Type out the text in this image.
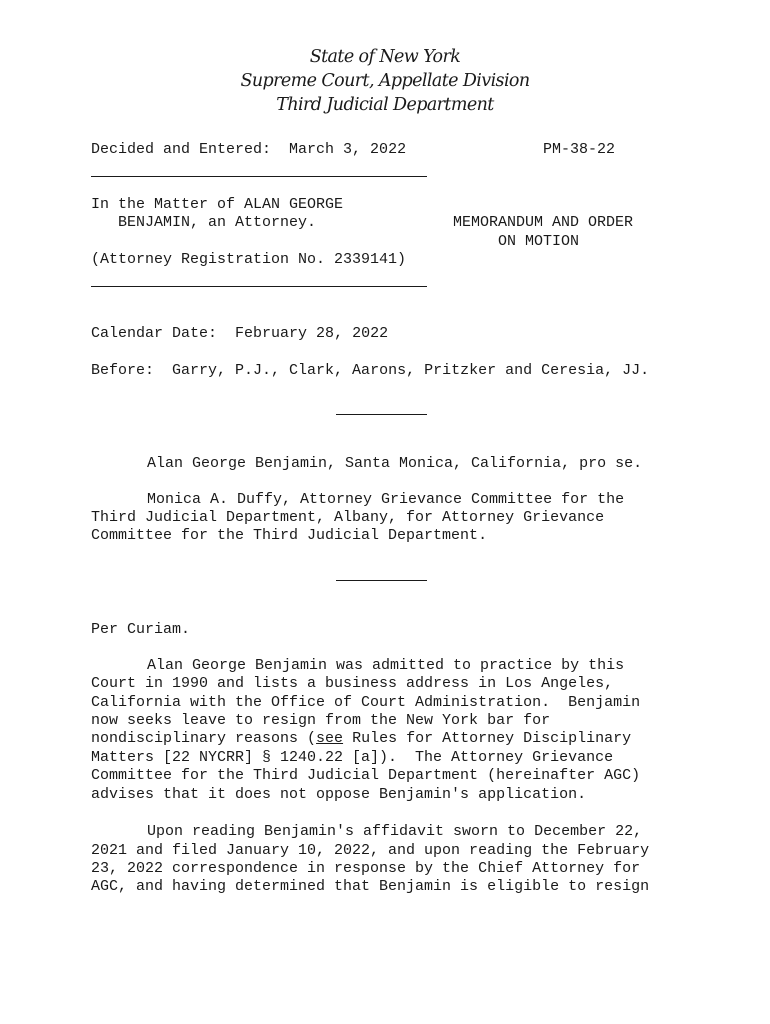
State of New York
Supreme Court, Appellate Division
Third Judicial Department
Decided and Entered: March 3, 2022	PM-38-22
In the Matter of ALAN GEORGE
BENJAMIN, an Attorney.
(Attorney Registration No. 2339141)
MEMORANDUM AND ORDER
ON MOTION
Calendar Date: February 28, 2022
Before: Garry, P.J., Clark, Aarons, Pritzker and Ceresia, JJ.
Alan George Benjamin, Santa Monica, California, pro se.
Monica A. Duffy, Attorney Grievance Committee for the
Third Judicial Department, Albany, for Attorney Grievance
Committee for the Third Judicial Department.
Per Curiam.
Alan George Benjamin was admitted to practice by this
Court in 1990 and lists a business address in Los Angeles,
California with the Office of Court Administration.  Benjamin
now seeks leave to resign from the New York bar for
nondisciplinary reasons (see Rules for Attorney Disciplinary
Matters [22 NYCRR] § 1240.22 [a]).  The Attorney Grievance
Committee for the Third Judicial Department (hereinafter AGC)
advises that it does not oppose Benjamin's application.
Upon reading Benjamin's affidavit sworn to December 22,
2021 and filed January 10, 2022, and upon reading the February
23, 2022 correspondence in response by the Chief Attorney for
AGC, and having determined that Benjamin is eligible to resign
